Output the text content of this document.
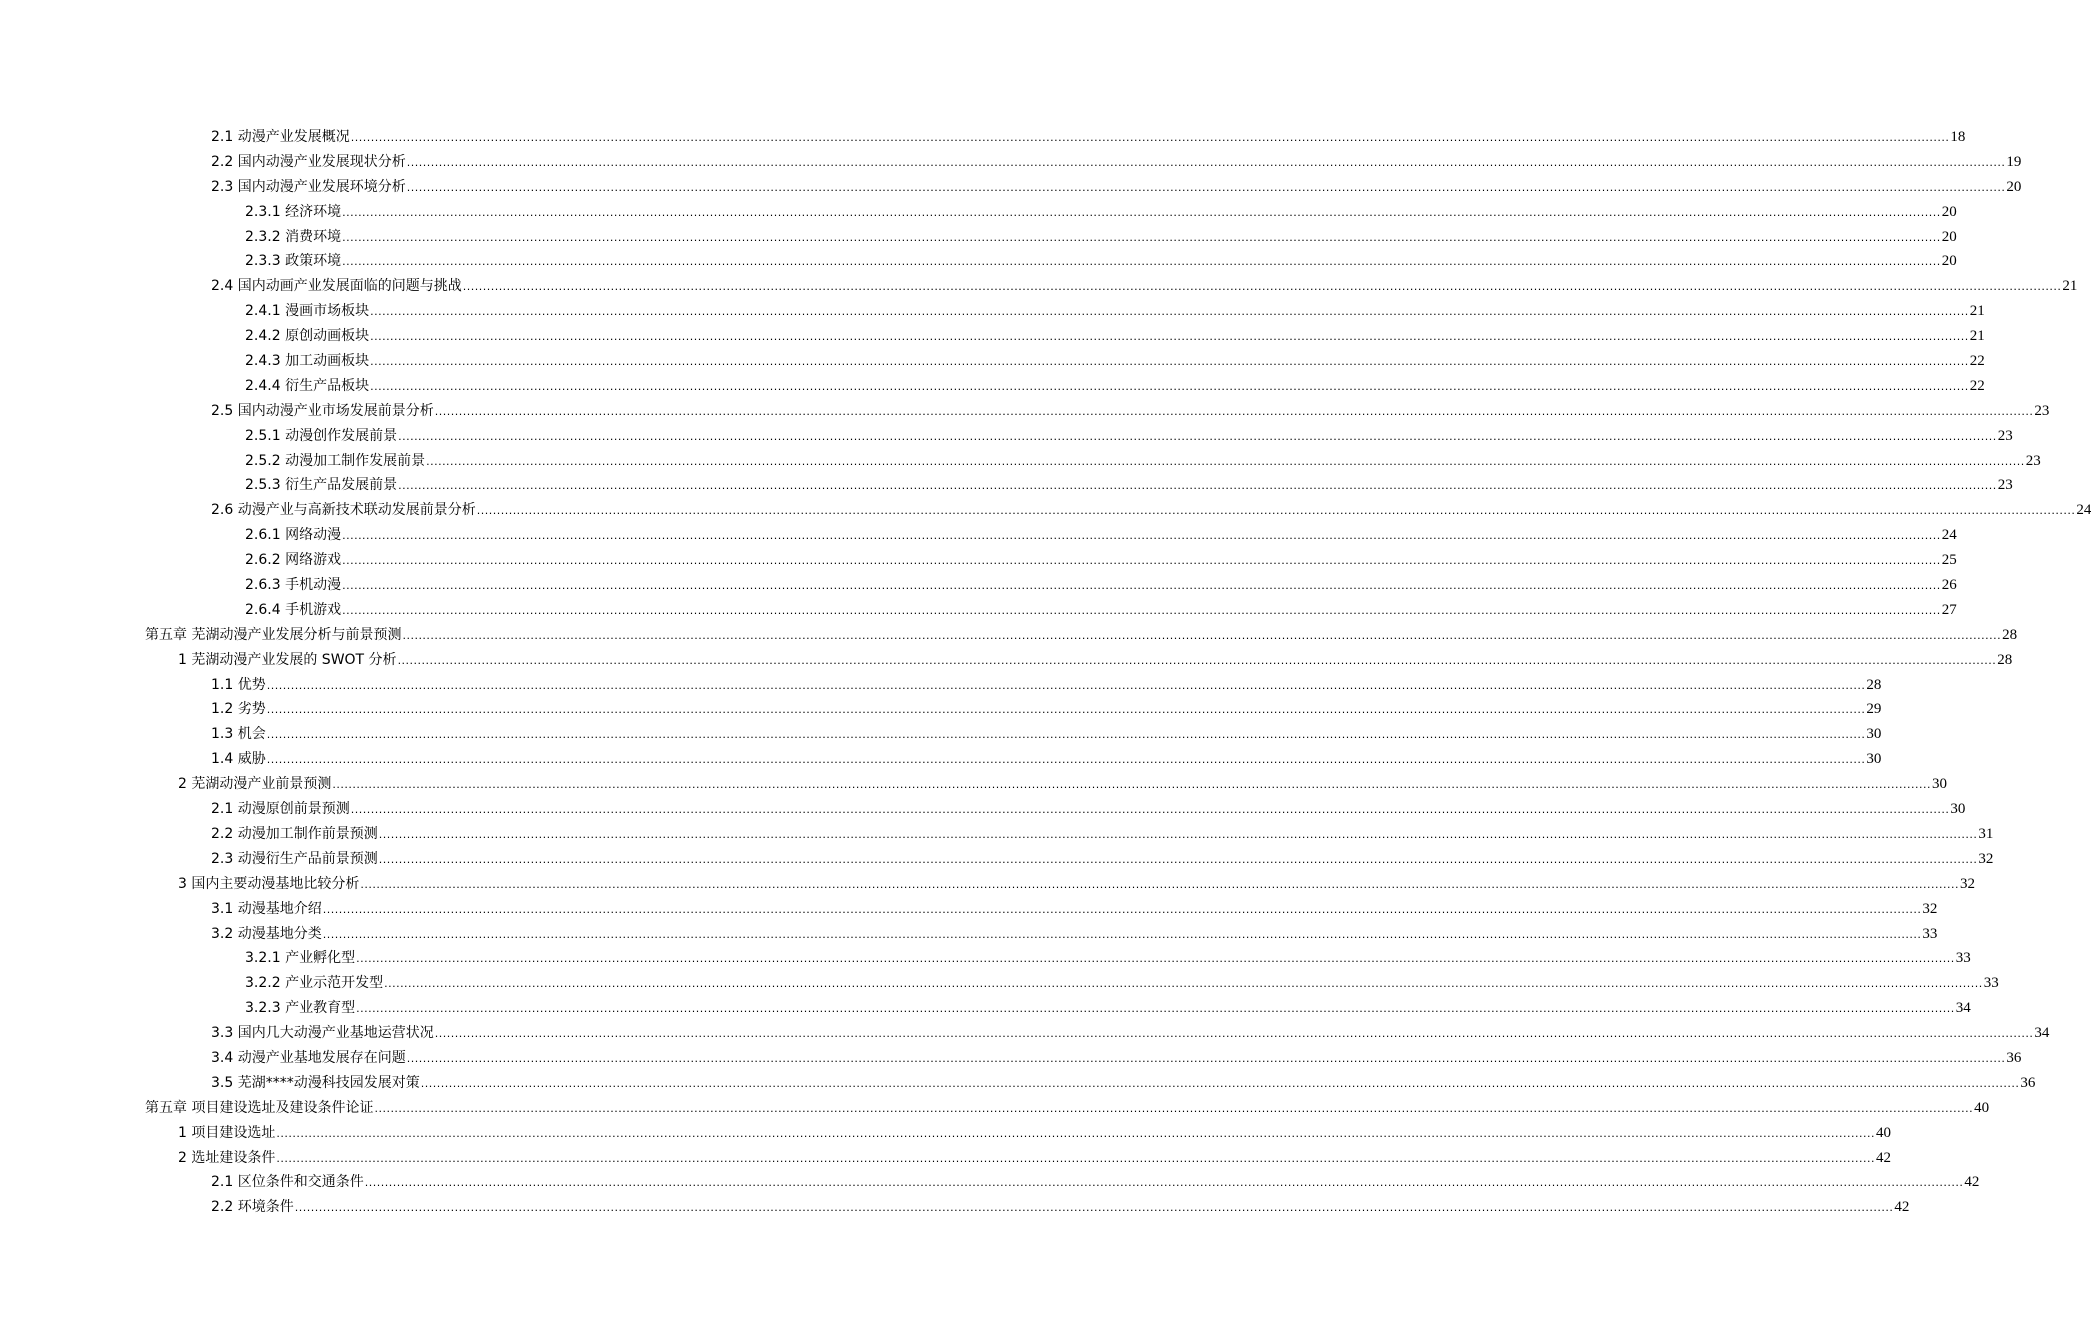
2.1 动漫产业发展概况 ................................................................................................................................................................................................................................................................................................................................................................................................................ 18
2.2 国内动漫产业发展现状分析 ................................................................................................................................................................................................................................................................................................................................................................................................................ 19
2.3 国内动漫产业发展环境分析 ................................................................................................................................................................................................................................................................................................................................................................................................................ 20
2.3.1 经济环境 ................................................................................................................................................................................................................................................................................................................................................................................................................ 20
2.3.2 消费环境 ................................................................................................................................................................................................................................................................................................................................................................................................................ 20
2.3.3 政策环境 ................................................................................................................................................................................................................................................................................................................................................................................................................ 20
2.4 国内动画产业发展面临的问题与挑战 ................................................................................................................................................................................................................................................................................................................................................................................................................ 21
2.4.1 漫画市场板块 ................................................................................................................................................................................................................................................................................................................................................................................................................ 21
2.4.2 原创动画板块 ................................................................................................................................................................................................................................................................................................................................................................................................................ 21
2.4.3 加工动画板块 ................................................................................................................................................................................................................................................................................................................................................................................................................ 22
2.4.4 衍生产品板块 ................................................................................................................................................................................................................................................................................................................................................................................................................ 22
2.5 国内动漫产业市场发展前景分析 ................................................................................................................................................................................................................................................................................................................................................................................................................ 23
2.5.1 动漫创作发展前景 ................................................................................................................................................................................................................................................................................................................................................................................................................ 23
2.5.2 动漫加工制作发展前景 ................................................................................................................................................................................................................................................................................................................................................................................................................ 23
2.5.3 衍生产品发展前景 ................................................................................................................................................................................................................................................................................................................................................................................................................ 23
2.6 动漫产业与高新技术联动发展前景分析 ................................................................................................................................................................................................................................................................................................................................................................................................................ 24
2.6.1 网络动漫 ................................................................................................................................................................................................................................................................................................................................................................................................................ 24
2.6.2 网络游戏 ................................................................................................................................................................................................................................................................................................................................................................................................................ 25
2.6.3 手机动漫 ................................................................................................................................................................................................................................................................................................................................................................................................................ 26
2.6.4 手机游戏 ................................................................................................................................................................................................................................................................................................................................................................................................................ 27
第五章 芜湖动漫产业发展分析与前景预测 ................................................................................................................................................................................................................................................................................................................................................................................................................ 28
1 芜湖动漫产业发展的 SWOT 分析 ................................................................................................................................................................................................................................................................................................................................................................................................................ 28
1.1 优势 ................................................................................................................................................................................................................................................................................................................................................................................................................ 28
1.2 劣势 ................................................................................................................................................................................................................................................................................................................................................................................................................ 29
1.3 机会 ................................................................................................................................................................................................................................................................................................................................................................................................................ 30
1.4 威胁 ................................................................................................................................................................................................................................................................................................................................................................................................................ 30
2 芜湖动漫产业前景预测 ................................................................................................................................................................................................................................................................................................................................................................................................................ 30
2.1 动漫原创前景预测 ................................................................................................................................................................................................................................................................................................................................................................................................................ 30
2.2 动漫加工制作前景预测 ................................................................................................................................................................................................................................................................................................................................................................................................................ 31
2.3 动漫衍生产品前景预测 ................................................................................................................................................................................................................................................................................................................................................................................................................ 32
3 国内主要动漫基地比较分析 ................................................................................................................................................................................................................................................................................................................................................................................................................ 32
3.1 动漫基地介绍 ................................................................................................................................................................................................................................................................................................................................................................................................................ 32
3.2 动漫基地分类 ................................................................................................................................................................................................................................................................................................................................................................................................................ 33
3.2.1 产业孵化型 ................................................................................................................................................................................................................................................................................................................................................................................................................ 33
3.2.2 产业示范开发型 ................................................................................................................................................................................................................................................................................................................................................................................................................ 33
3.2.3 产业教育型 ................................................................................................................................................................................................................................................................................................................................................................................................................ 34
3.3 国内几大动漫产业基地运营状况 ................................................................................................................................................................................................................................................................................................................................................................................................................ 34
3.4 动漫产业基地发展存在问题 ................................................................................................................................................................................................................................................................................................................................................................................................................ 36
3.5 芜湖****动漫科技园发展对策 ................................................................................................................................................................................................................................................................................................................................................................................................................ 36
第五章 项目建设选址及建设条件论证 ................................................................................................................................................................................................................................................................................................................................................................................................................ 40
1 项目建设选址 ................................................................................................................................................................................................................................................................................................................................................................................................................ 40
2 选址建设条件 ................................................................................................................................................................................................................................................................................................................................................................................................................ 42
2.1 区位条件和交通条件 ................................................................................................................................................................................................................................................................................................................................................................................................................ 42
2.2 环境条件 ................................................................................................................................................................................................................................................................................................................................................................................................................ 42
